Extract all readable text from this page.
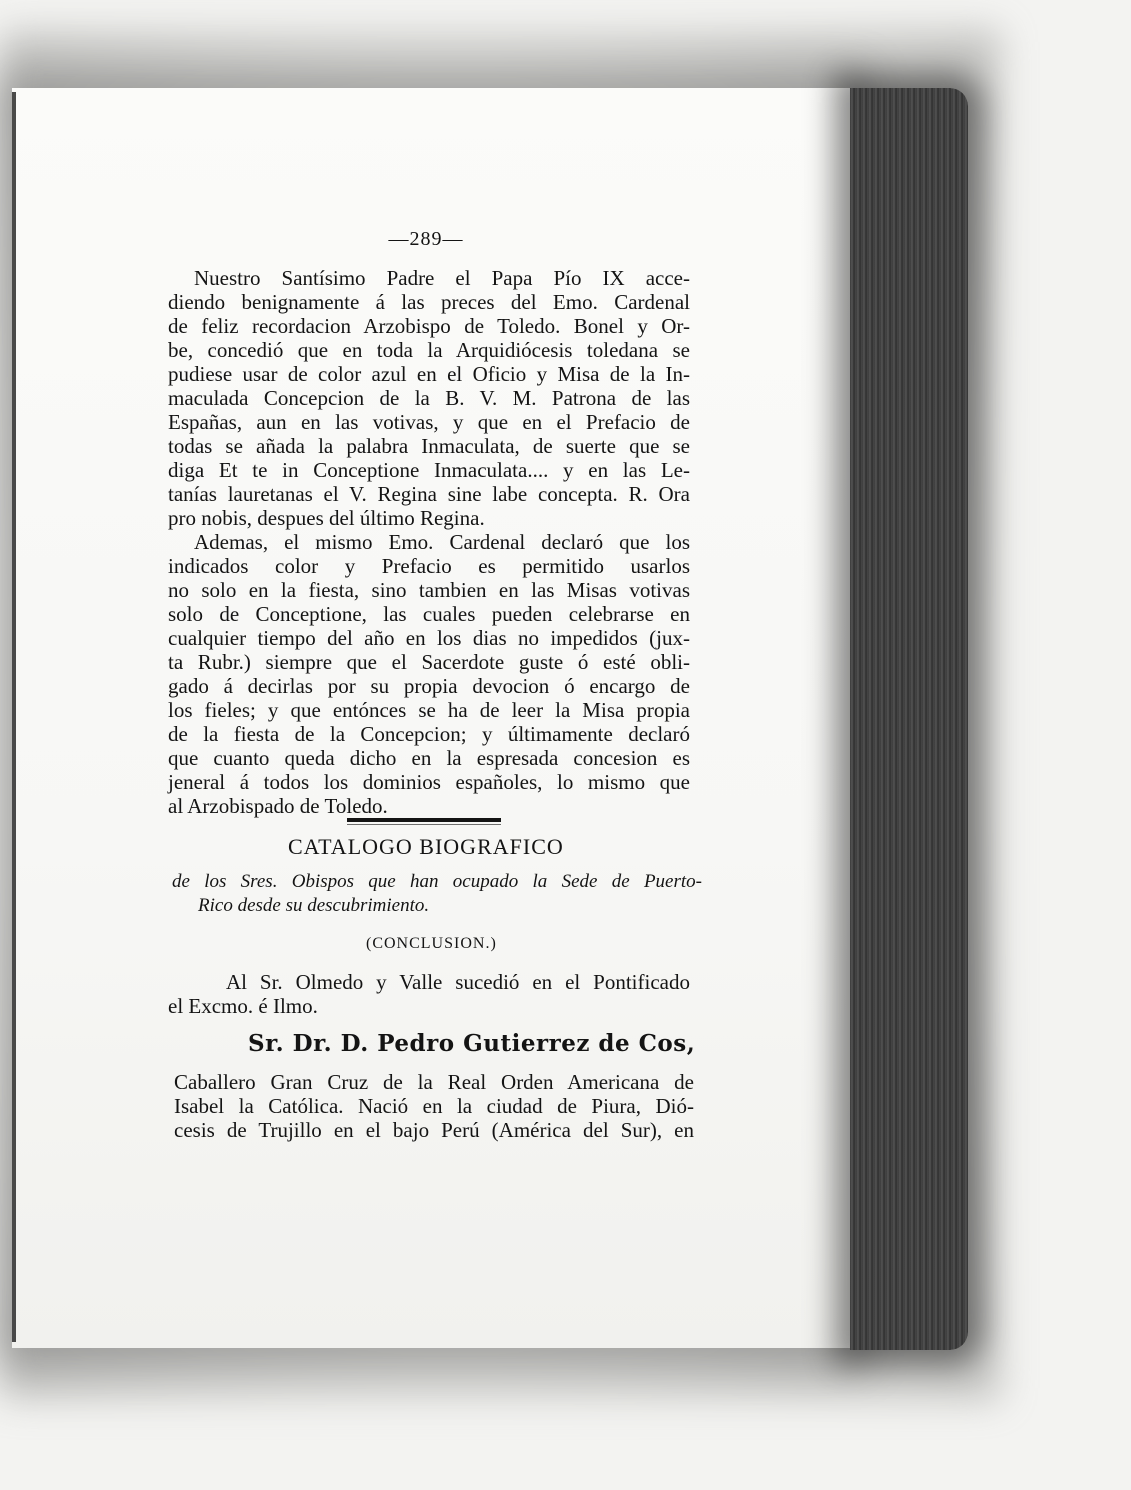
—289—
Nuestro Santísimo Padre el Papa Pío IX acce-
diendo benignamente á las preces del Emo. Cardenal
de feliz recordacion Arzobispo de Toledo. Bonel y Or-
be, concedió que en toda la Arquidiócesis toledana se
pudiese usar de color azul en el Oficio y Misa de la In-
maculada Concepcion de la B. V. M. Patrona de las
Españas, aun en las votivas, y que en el Prefacio de
todas se añada la palabra Inmaculata, de suerte que se
diga Et te in Conceptione Inmaculata.... y en las Le-
tanías lauretanas el V. Regina sine labe concepta. R. Ora
pro nobis, despues del último Regina.
Ademas, el mismo Emo. Cardenal declaró que los
indicados color y Prefacio es permitido usarlos
no solo en la fiesta, sino tambien en las Misas votivas
solo de Conceptione, las cuales pueden celebrarse en
cualquier tiempo del año en los dias no impedidos (jux-
ta Rubr.) siempre que el Sacerdote guste ó esté obli-
gado á decirlas por su propia devocion ó encargo de
los fieles; y que entónces se ha de leer la Misa propia
de la fiesta de la Concepcion; y últimamente declaró
que cuanto queda dicho en la espresada concesion es
jeneral á todos los dominios españoles, lo mismo que
al Arzobispado de Toledo.
CATALOGO BIOGRAFICO
de los Sres. Obispos que han ocupado la Sede de Puerto-
Rico desde su descubrimiento.
(CONCLUSION.)
Al Sr. Olmedo y Valle sucedió en el Pontificado
el Excmo. é Ilmo.
Sr. Dr. D. Pedro Gutierrez de Cos,
Caballero Gran Cruz de la Real Orden Americana de
Isabel la Católica. Nació en la ciudad de Piura, Dió-
cesis de Trujillo en el bajo Perú (América del Sur), en
